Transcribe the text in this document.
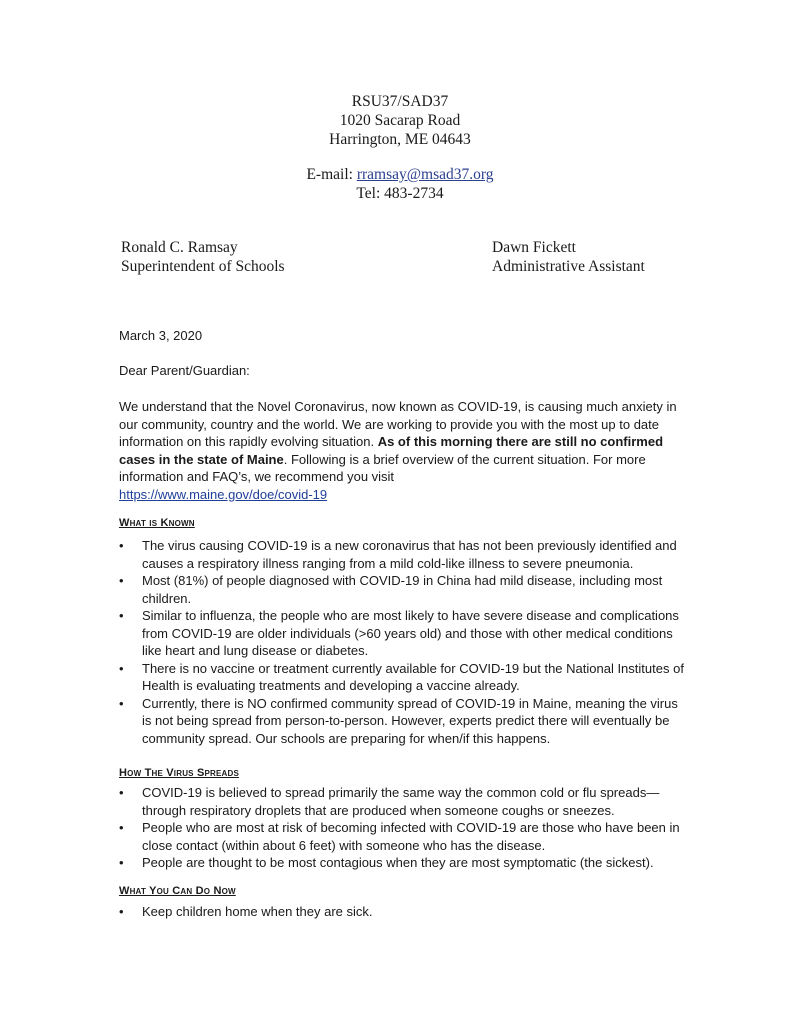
RSU37/SAD37
1020 Sacarap Road
Harrington, ME 04643
E-mail: rramsay@msad37.org
Tel: 483-2734
Ronald C. Ramsay
Superintendent of Schools
Dawn Fickett
Administrative Assistant
March 3, 2020
Dear Parent/Guardian:
We understand that the Novel Coronavirus, now known as COVID-19, is causing much anxiety in our community, country and the world. We are working to provide you with the most up to date information on this rapidly evolving situation. As of this morning there are still no confirmed cases in the state of Maine. Following is a brief overview of the current situation. For more information and FAQ’s, we recommend you visit
https://www.maine.gov/doe/covid-19
What is Known
•	The virus causing COVID-19 is a new coronavirus that has not been previously identified and causes a respiratory illness ranging from a mild cold-like illness to severe pneumonia.
•	Most (81%) of people diagnosed with COVID-19 in China had mild disease, including most children.
•	Similar to influenza, the people who are most likely to have severe disease and complications from COVID-19 are older individuals (>60 years old) and those with other medical conditions like heart and lung disease or diabetes.
•	There is no vaccine or treatment currently available for COVID-19 but the National Institutes of Health is evaluating treatments and developing a vaccine already.
•	Currently, there is NO confirmed community spread of COVID-19 in Maine, meaning the virus is not being spread from person-to-person. However, experts predict there will eventually be community spread. Our schools are preparing for when/if this happens.
How The Virus Spreads
•	COVID-19 is believed to spread primarily the same way the common cold or flu spreads—through respiratory droplets that are produced when someone coughs or sneezes.
•	People who are most at risk of becoming infected with COVID-19 are those who have been in close contact (within about 6 feet) with someone who has the disease.
•	People are thought to be most contagious when they are most symptomatic (the sickest).
What You Can Do Now
•	Keep children home when they are sick.
